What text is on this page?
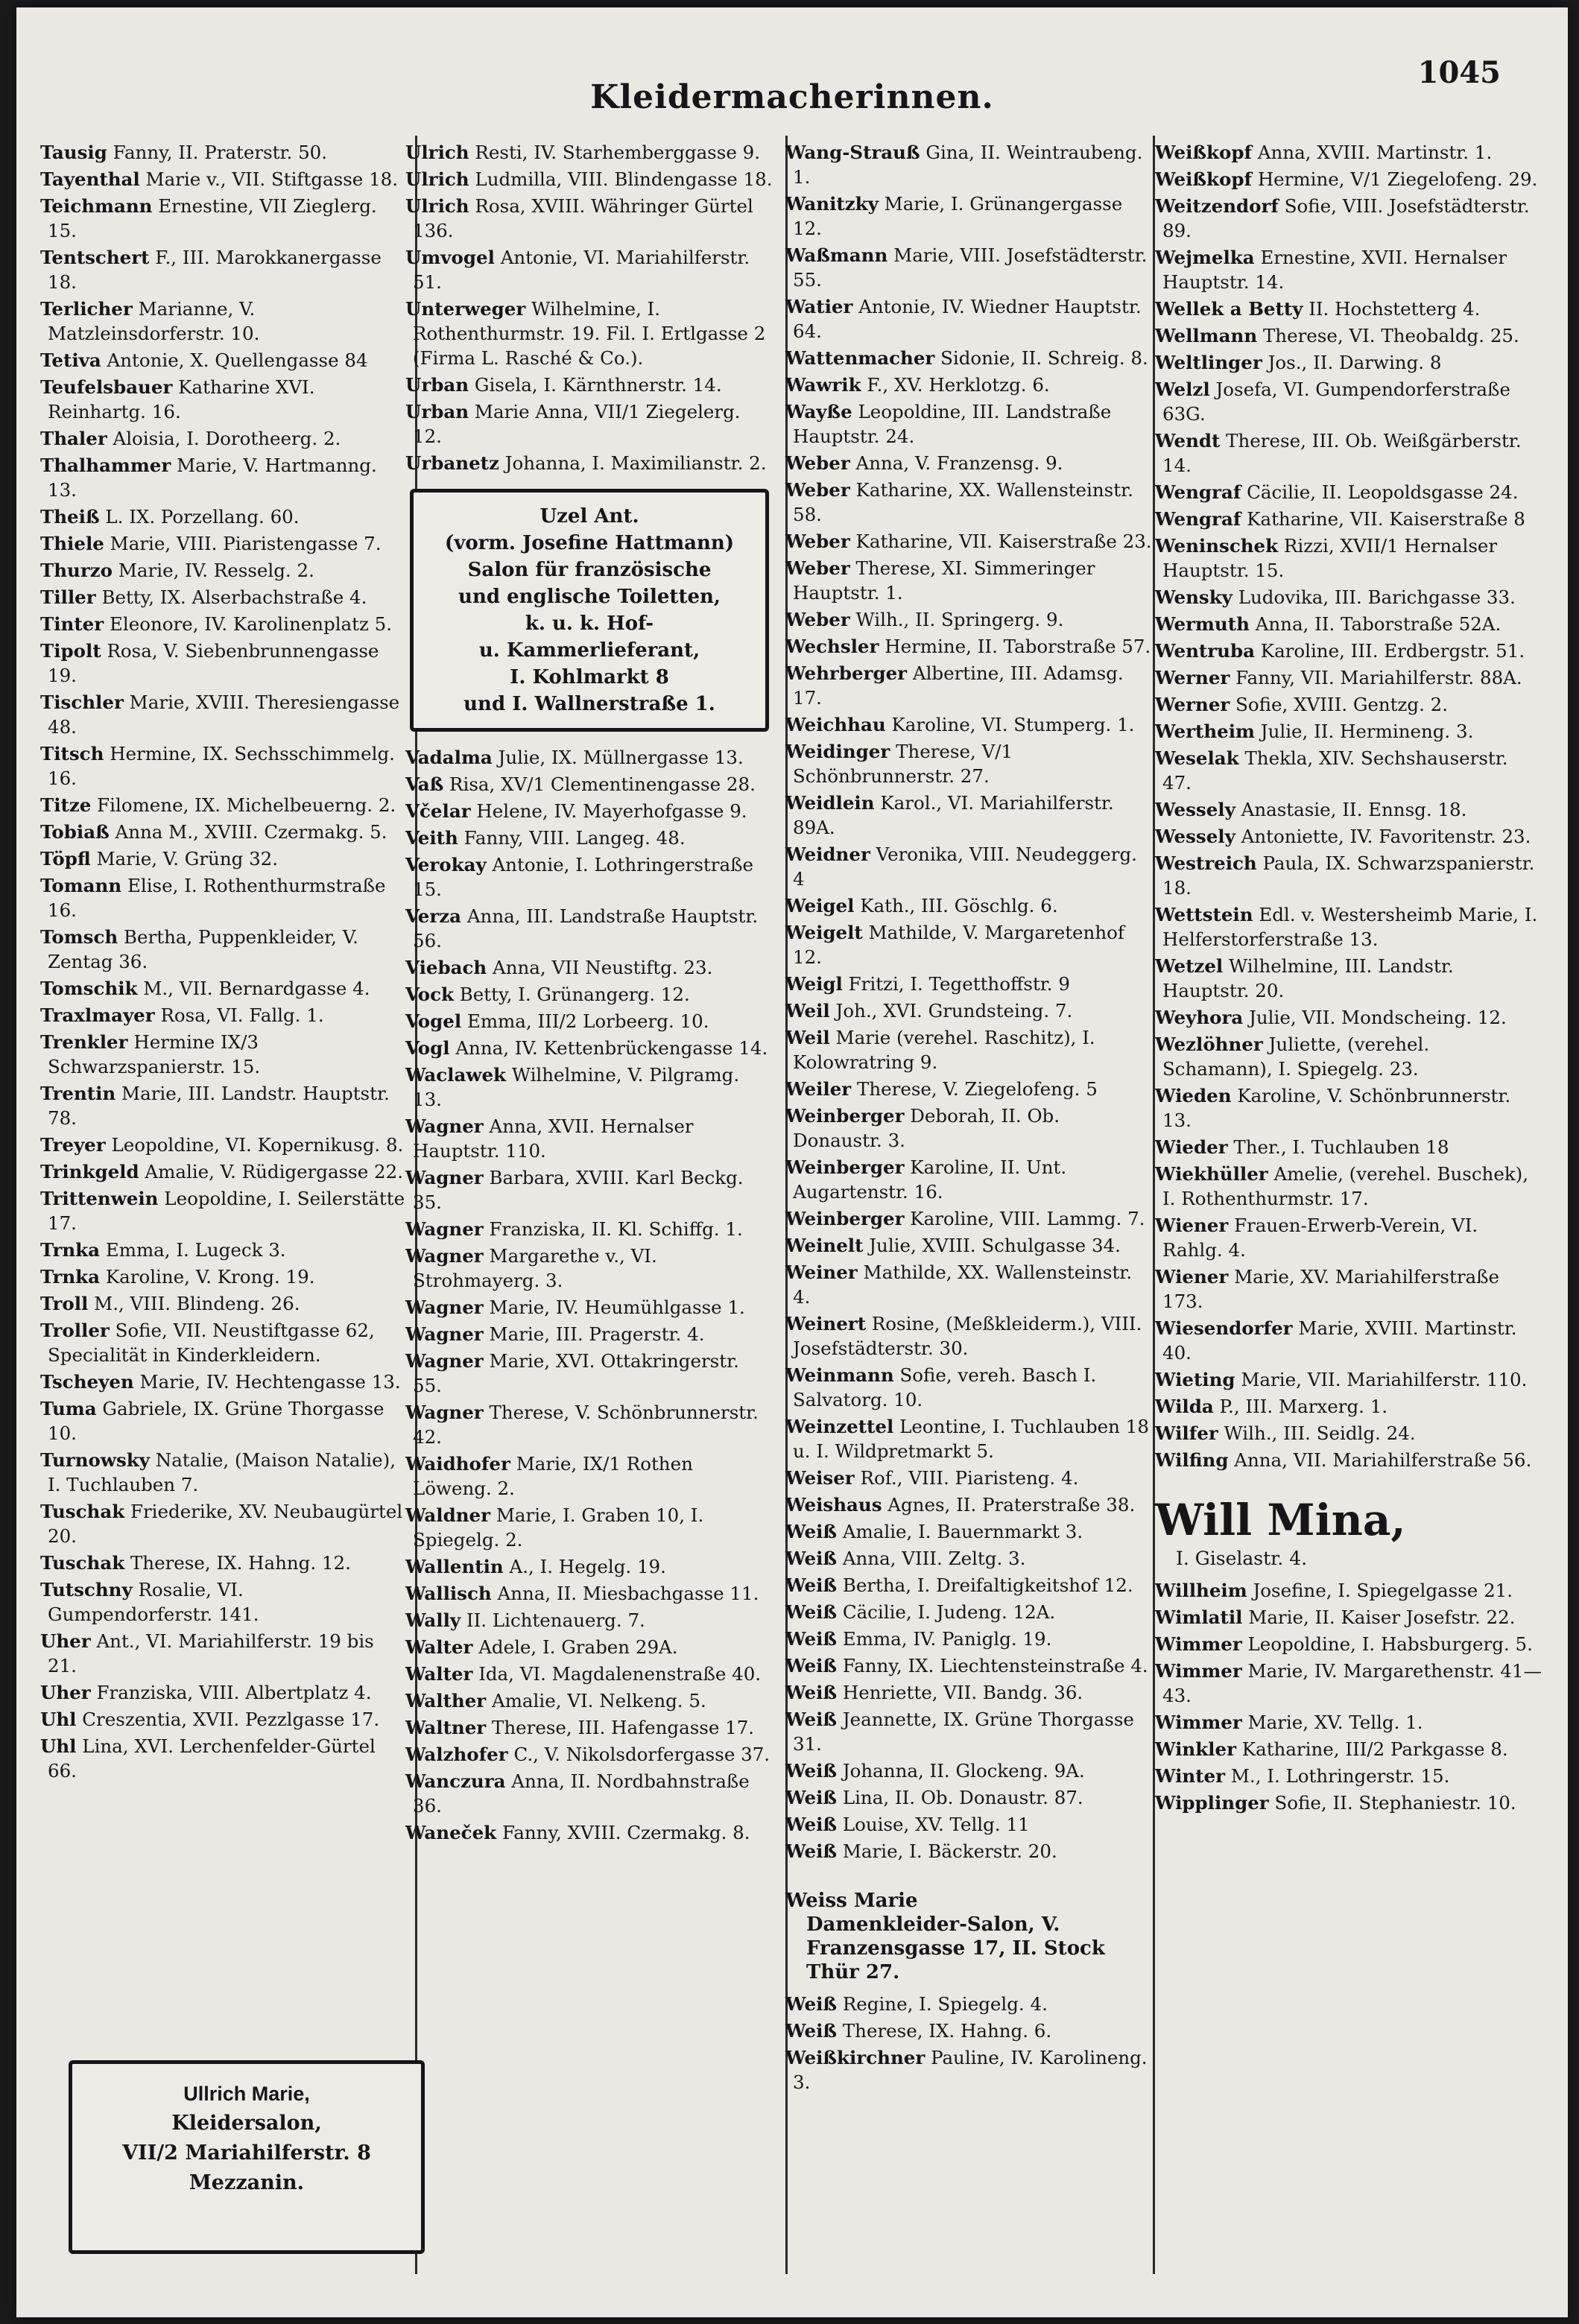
1045
Kleidermacherinnen.
Tausig Fanny, II. Praterstr. 50.
Tayenthal Marie v., VII. Stiftgasse 18.
Teichmann Ernestine, VII Zieglerg. 15.
Tentschert F., III. Marokkanergasse 18.
Terlicher Marianne, V. Matzleinsdorferstr. 10.
Tetiva Antonie, X. Quellengasse 84
Teufelsbauer Katharine XVI. Reinhartg. 16.
Thaler Aloisia, I. Dorotheerg. 2.
Thalhammer Marie, V. Hartmanng. 13.
Theiß L. IX. Porzellang. 60.
Thiele Marie, VIII. Piaristengasse 7.
Thurzo Marie, IV. Resselg. 2.
Tiller Betty, IX. Alserbachstraße 4.
Tinter Eleonore, IV. Karolinenplatz 5.
Tipolt Rosa, V. Siebenbrunnengasse 19.
Tischler Marie, XVIII. Theresiengasse 48.
Titsch Hermine, IX. Sechsschimmelg. 16.
Titze Filomene, IX. Michelbeuerng. 2.
Tobiaß Anna M., XVIII. Czermakg. 5.
Töpfl Marie, V. Grüng 32.
Tomann Elise, I. Rothenthurmstraße 16.
Tomsch Bertha, Puppenkleider, V. Zentag 36.
Tomschik M., VII. Bernardgasse 4.
Traxlmayer Rosa, VI. Fallg. 1.
Trenkler Hermine IX/3 Schwarzspanierstr. 15.
Trentin Marie, III. Landstr. Hauptstr. 78.
Treyer Leopoldine, VI. Kopernikusg. 8.
Trinkgeld Amalie, V. Rüdigergasse 22.
Trittenwein Leopoldine, I. Seilerstätte 17.
Trnka Emma, I. Lugeck 3.
Trnka Karoline, V. Krong. 19.
Troll M., VIII. Blindeng. 26.
Troller Sofie, VII. Neustiftgasse 62, Specialität in Kinderkleidern.
Tscheyen Marie, IV. Hechtengasse 13.
Tuma Gabriele, IX. Grüne Thorgasse 10.
Turnowsky Natalie, (Maison Natalie), I. Tuchlauben 7.
Tuschak Friederike, XV. Neubaugürtel 20.
Tuschak Therese, IX. Hahng. 12.
Tutschny Rosalie, VI. Gumpendorferstr. 141.
Uher Ant., VI. Mariahilferstr. 19 bis 21.
Uher Franziska, VIII. Albertplatz 4.
Uhl Creszentia, XVII. Pezzlgasse 17.
Uhl Lina, XVI. Lerchenfelder-Gürtel 66.
Ullrich Marie,
Kleidersalon,
VII/2 Mariahilferstr. 8
Mezzanin.
Ulrich Resti, IV. Starhemberggasse 9.
Ulrich Ludmilla, VIII. Blindengasse 18.
Ulrich Rosa, XVIII. Währinger Gürtel 136.
Umvogel Antonie, VI. Mariahilferstr. 51.
Unterweger Wilhelmine, I. Rothenthurmstr. 19. Fil. I. Ertlgasse 2 (Firma L. Rasché & Co.).
Urban Gisela, I. Kärnthnerstr. 14.
Urban Marie Anna, VII/1 Ziegelerg. 12.
Urbanetz Johanna, I. Maximilianstr. 2.
Uzel Ant.
(vorm. Josefine Hattmann)
Salon für französische
und englische Toiletten,
k. u. k. Hof-
u. Kammerlieferant,
I. Kohlmarkt 8
und I. Wallnerstraße 1.
Vadalma Julie, IX. Müllnergasse 13.
Vaß Risa, XV/1 Clementinengasse 28.
Včelar Helene, IV. Mayerhofgasse 9.
Veith Fanny, VIII. Langeg. 48.
Verokay Antonie, I. Lothringerstraße 15.
Verza Anna, III. Landstraße Hauptstr. 56.
Viebach Anna, VII Neustiftg. 23.
Vock Betty, I. Grünangerg. 12.
Vogel Emma, III/2 Lorbeerg. 10.
Vogl Anna, IV. Kettenbrückengasse 14.
Waclawek Wilhelmine, V. Pilgramg. 13.
Wagner Anna, XVII. Hernalser Hauptstr. 110.
Wagner Barbara, XVIII. Karl Beckg. 35.
Wagner Franziska, II. Kl. Schiffg. 1.
Wagner Margarethe v., VI. Strohmayerg. 3.
Wagner Marie, IV. Heumühlgasse 1.
Wagner Marie, III. Pragerstr. 4.
Wagner Marie, XVI. Ottakringerstr. 55.
Wagner Therese, V. Schönbrunnerstr. 42.
Waidhofer Marie, IX/1 Rothen Löweng. 2.
Waldner Marie, I. Graben 10, I. Spiegelg. 2.
Wallentin A., I. Hegelg. 19.
Wallisch Anna, II. Miesbachgasse 11.
Wally II. Lichtenauerg. 7.
Walter Adele, I. Graben 29A.
Walter Ida, VI. Magdalenenstraße 40.
Walther Amalie, VI. Nelkeng. 5.
Waltner Therese, III. Hafengasse 17.
Walzhofer C., V. Nikolsdorfergasse 37.
Wanczura Anna, II. Nordbahnstraße 36.
Waneček Fanny, XVIII. Czermakg. 8.
Wang-Strauß Gina, II. Weintraubeng. 1.
Wanitzky Marie, I. Grünangergasse 12.
Waßmann Marie, VIII. Josefstädterstr. 55.
Watier Antonie, IV. Wiedner Hauptstr. 64.
Wattenmacher Sidonie, II. Schreig. 8.
Wawrik F., XV. Herklotzg. 6.
Wayße Leopoldine, III. Landstraße Hauptstr. 24.
Weber Anna, V. Franzensg. 9.
Weber Katharine, XX. Wallensteinstr. 58.
Weber Katharine, VII. Kaiserstraße 23.
Weber Therese, XI. Simmeringer Hauptstr. 1.
Weber Wilh., II. Springerg. 9.
Wechsler Hermine, II. Taborstraße 57.
Wehrberger Albertine, III. Adamsg. 17.
Weichhau Karoline, VI. Stumperg. 1.
Weidinger Therese, V/1 Schönbrunnerstr. 27.
Weidlein Karol., VI. Mariahilferstr. 89A.
Weidner Veronika, VIII. Neudeggerg. 4
Weigel Kath., III. Göschlg. 6.
Weigelt Mathilde, V. Margaretenhof 12.
Weigl Fritzi, I. Tegetthoffstr. 9
Weil Joh., XVI. Grundsteing. 7.
Weil Marie (verehel. Raschitz), I. Kolowratring 9.
Weiler Therese, V. Ziegelofeng. 5
Weinberger Deborah, II. Ob. Donaustr. 3.
Weinberger Karoline, II. Unt. Augartenstr. 16.
Weinberger Karoline, VIII. Lammg. 7.
Weinelt Julie, XVIII. Schulgasse 34.
Weiner Mathilde, XX. Wallensteinstr. 4.
Weinert Rosine, (Meßkleiderm.), VIII. Josefstädterstr. 30.
Weinmann Sofie, vereh. Basch I. Salvatorg. 10.
Weinzettel Leontine, I. Tuchlauben 18 u. I. Wildpretmarkt 5.
Weiser Rof., VIII. Piaristeng. 4.
Weishaus Agnes, II. Praterstraße 38.
Weiß Amalie, I. Bauernmarkt 3.
Weiß Anna, VIII. Zeltg. 3.
Weiß Bertha, I. Dreifaltigkeitshof 12.
Weiß Cäcilie, I. Judeng. 12A.
Weiß Emma, IV. Paniglg. 19.
Weiß Fanny, IX. Liechtensteinstraße 4.
Weiß Henriette, VII. Bandg. 36.
Weiß Jeannette, IX. Grüne Thorgasse 31.
Weiß Johanna, II. Glockeng. 9A.
Weiß Lina, II. Ob. Donaustr. 87.
Weiß Louise, XV. Tellg. 11
Weiß Marie, I. Bäckerstr. 20.
Weiss Marie
Damenkleider-Salon, V.
Franzensgasse 17, II. Stock
Thür 27.
Weiß Regine, I. Spiegelg. 4.
Weiß Therese, IX. Hahng. 6.
Weißkirchner Pauline, IV. Karolineng. 3.
Weißkopf Anna, XVIII. Martinstr. 1.
Weißkopf Hermine, V/1 Ziegelofeng. 29.
Weitzendorf Sofie, VIII. Josefstädterstr. 89.
Wejmelka Ernestine, XVII. Hernalser Hauptstr. 14.
Wellek a Betty II. Hochstetterg 4.
Wellmann Therese, VI. Theobaldg. 25.
Weltlinger Jos., II. Darwing. 8
Welzl Josefa, VI. Gumpendorferstraße 63G.
Wendt Therese, III. Ob. Weißgärberstr. 14.
Wengraf Cäcilie, II. Leopoldsgasse 24.
Wengraf Katharine, VII. Kaiserstraße 8
Weninschek Rizzi, XVII/1 Hernalser Hauptstr. 15.
Wensky Ludovika, III. Barichgasse 33.
Wermuth Anna, II. Taborstraße 52A.
Wentruba Karoline, III. Erdbergstr. 51.
Werner Fanny, VII. Mariahilferstr. 88A.
Werner Sofie, XVIII. Gentzg. 2.
Wertheim Julie, II. Hermineng. 3.
Weselak Thekla, XIV. Sechshauserstr. 47.
Wessely Anastasie, II. Ennsg. 18.
Wessely Antoniette, IV. Favoritenstr. 23.
Westreich Paula, IX. Schwarzspanierstr. 18.
Wettstein Edl. v. Westersheimb Marie, I. Helferstorferstraße 13.
Wetzel Wilhelmine, III. Landstr. Hauptstr. 20.
Weyhora Julie, VII. Mondscheing. 12.
Wezlöhner Juliette, (verehel. Schamann), I. Spiegelg. 23.
Wieden Karoline, V. Schönbrunnerstr. 13.
Wieder Ther., I. Tuchlauben 18
Wiekhüller Amelie, (verehel. Buschek), I. Rothenthurmstr. 17.
Wiener Frauen-Erwerb-Verein, VI. Rahlg. 4.
Wiener Marie, XV. Mariahilferstraße 173.
Wiesendorfer Marie, XVIII. Martinstr. 40.
Wieting Marie, VII. Mariahilferstr. 110.
Wilda P., III. Marxerg. 1.
Wilfer Wilh., III. Seidlg. 24.
Wilfing Anna, VII. Mariahilferstraße 56.
Will Mina,
I. Giselastr. 4.
Willheim Josefine, I. Spiegelgasse 21.
Wimlatil Marie, II. Kaiser Josefstr. 22.
Wimmer Leopoldine, I. Habsburgerg. 5.
Wimmer Marie, IV. Margarethenstr. 41—43.
Wimmer Marie, XV. Tellg. 1.
Winkler Katharine, III/2 Parkgasse 8.
Winter M., I. Lothringerstr. 15.
Wipplinger Sofie, II. Stephaniestr. 10.
